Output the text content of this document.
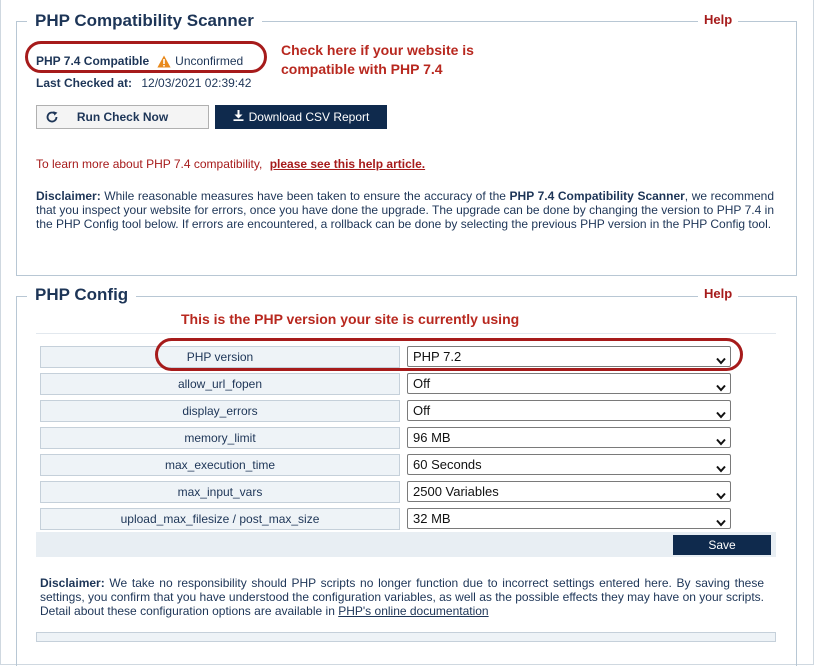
PHP Compatibility Scanner	Help
PHP 7.4 Compatible Unconfirmed
Last Checked at: 12/03/2021 02:39:42
Check here if your website is compatible with PHP 7.4
Run Check Now	Download CSV Report
To learn more about PHP 7.4 compatibility, please see this help article.
Disclaimer: While reasonable measures have been taken to ensure the accuracy of the PHP 7.4 Compatibility Scanner, we recommend that you inspect your website for errors, once you have done the upgrade. The upgrade can be done by changing the version to PHP 7.4 in the PHP Config tool below. If errors are encountered, a rollback can be done by selecting the previous PHP version in the PHP Config tool.
PHP Config	Help
This is the PHP version your site is currently using
PHP version	PHP 7.2
allow_url_fopen	Off
display_errors	Off
memory_limit	96 MB
max_execution_time	60 Seconds
max_input_vars	2500 Variables
upload_max_filesize / post_max_size	32 MB
Save
Disclaimer: We take no responsibility should PHP scripts no longer function due to incorrect settings entered here. By saving these settings, you confirm that you have understood the configuration variables, as well as the possible effects they may have on your scripts. Detail about these configuration options are available in PHP's online documentation
